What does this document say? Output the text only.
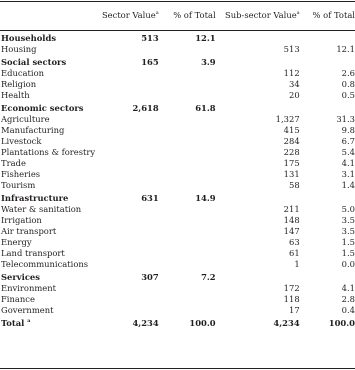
	Sector Value$^a$	% of Total	Sub-sector Value$^a$	% of Total

Households	513	12.1		
Housing			513	12.1

Social sectors	165	3.9		
Education			112	2.6
Religion			34	0.8
Health			20	0.5

Economic sectors	2,618	61.8		
Agriculture			1,327	31.3
Manufacturing			415	9.8
Livestock			284	6.7
Plantations & forestry			228	5.4
Trade			175	4.1
Fisheries			131	3.1
Tourism			58	1.4

Infrastructure	631	14.9		
Water & sanitation			211	5.0
Irrigation			148	3.5
Air transport			147	3.5
Energy			63	1.5
Land transport			61	1.5
Telecommunications			1	0.0

Services	307	7.2		
Environment			172	4.1
Finance			118	2.8
Government			17	0.4

Total $^a$	4,234	100.0	4,234	100.0
